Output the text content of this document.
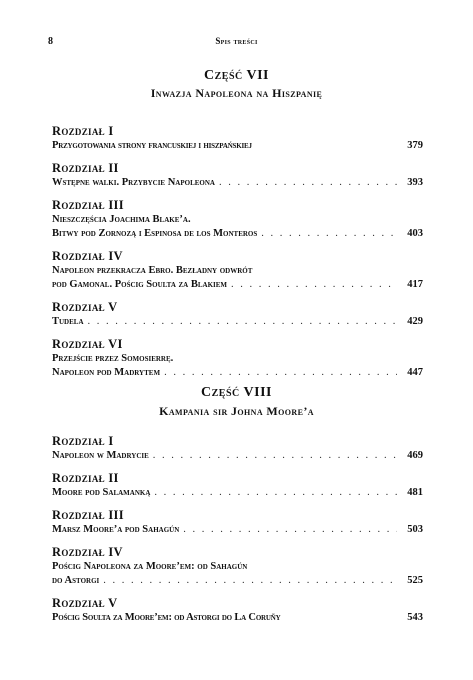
8	Spis treści
Część VII
Inwazja Napoleona na Hiszpanię
Rozdział I
Przygotowania strony francuskiej i hiszpańskiej	379
Rozdział II
Wstępne walki. Przybycie Napoleona . . .	393
Rozdział III
Nieszczęścia Joachima Blake’a.
Bitwy pod Zornozą i Espinosa de los Monteros . . .	403
Rozdział IV
Napoleon przekracza Ebro. Bezładny odwrót
pod Gamonal. Pościg Soulta za Blakiem . . .	417
Rozdział V
Tudela . . .	429
Rozdział VI
Przejście przez Somosierrę.
Napoleon pod Madrytem . . .	447
Część VIII
Kampania sir Johna Moore’a
Rozdział I
Napoleon w Madrycie . . .	469
Rozdział II
Moore pod Salamanką . . .	481
Rozdział III
Marsz Moore’a pod Sahagún . . .	503
Rozdział IV
Pościg Napoleona za Moore’em: od Sahagún
do Astorgi . . .	525
Rozdział V
Pościg Soulta za Moore’em: od Astorgi do La Coruñy	543
